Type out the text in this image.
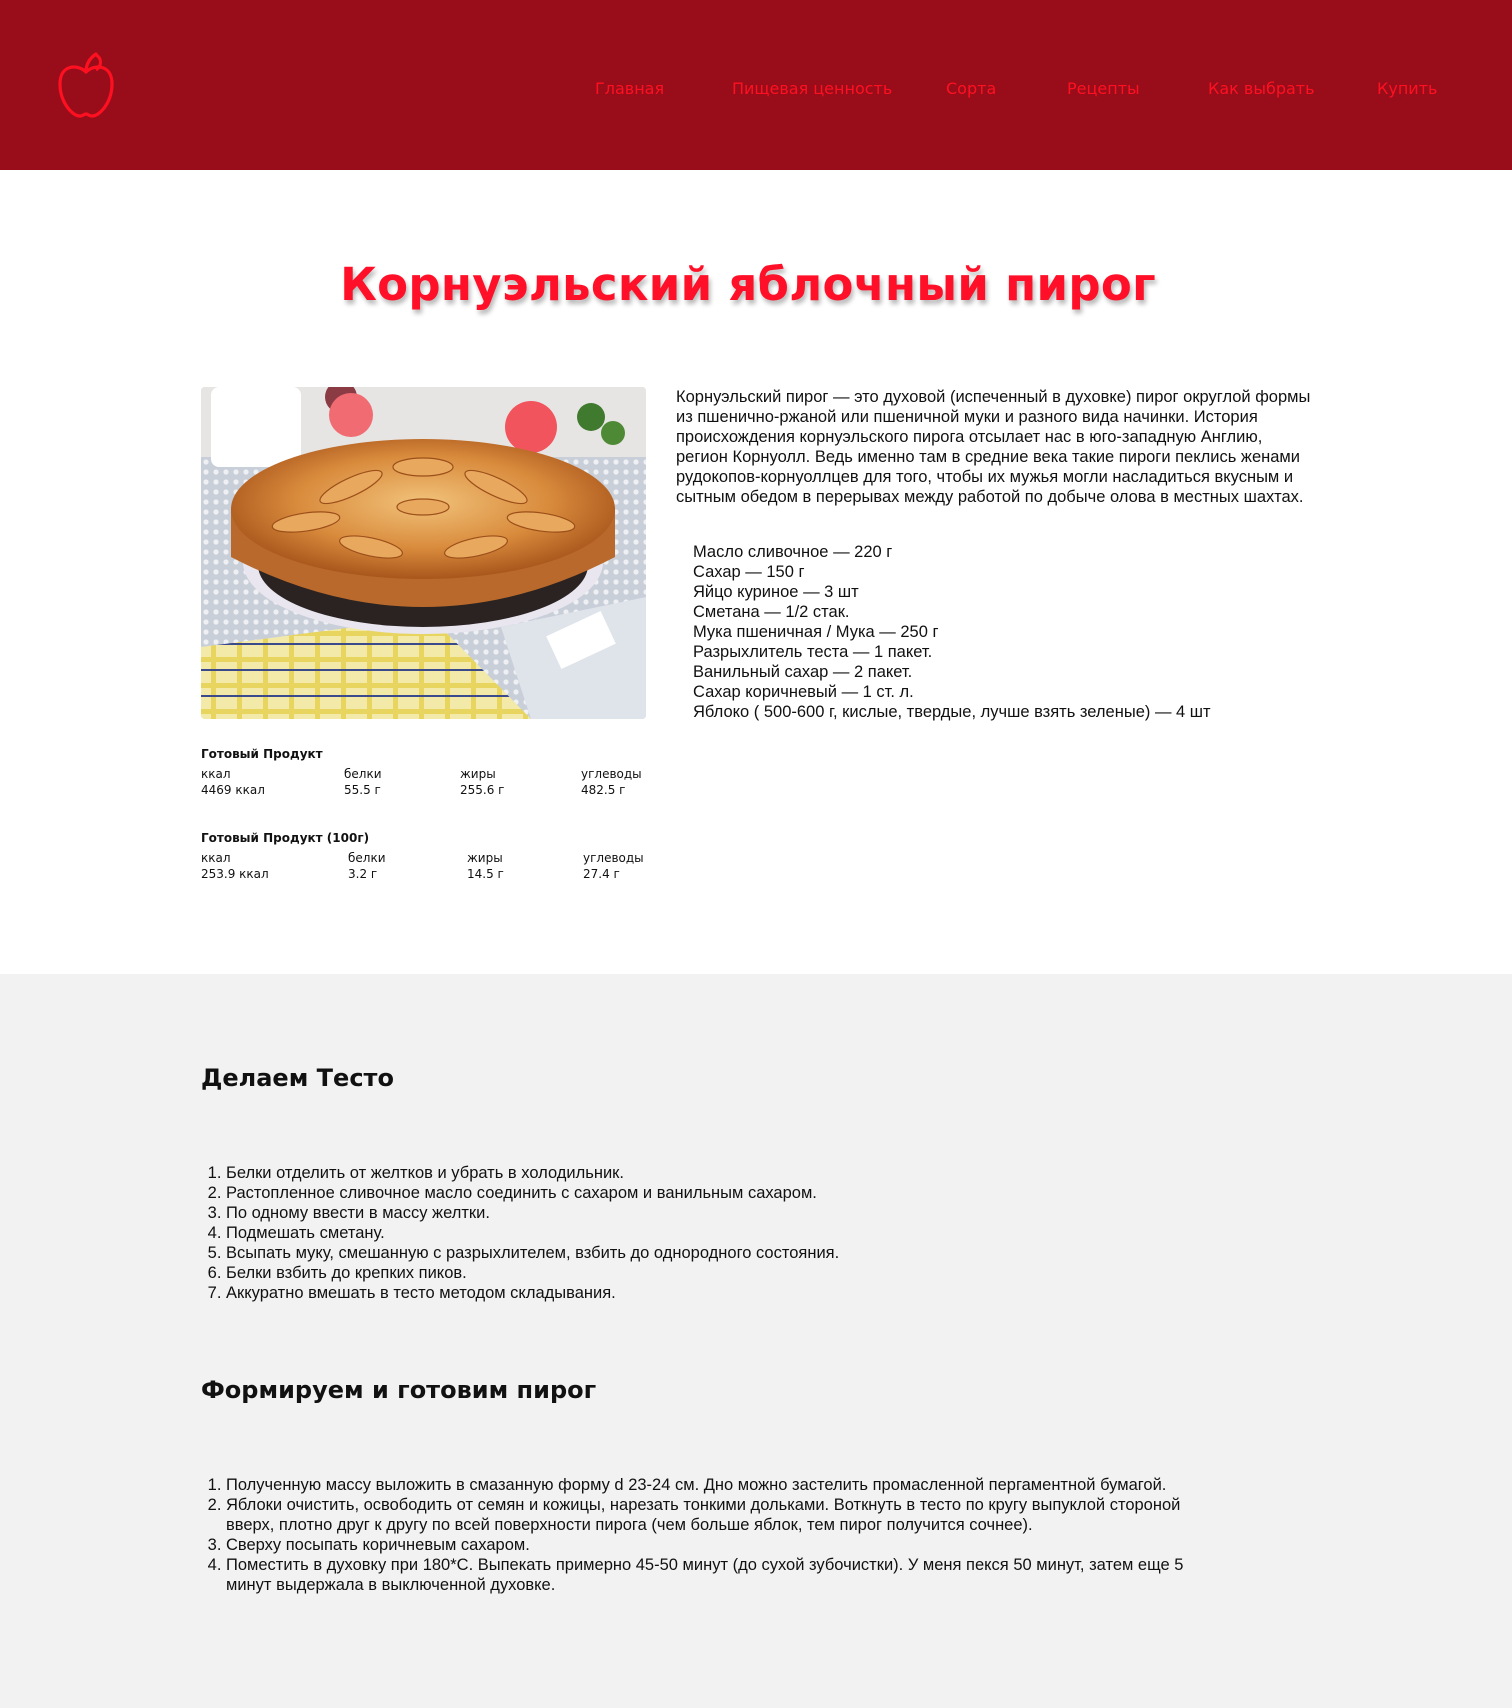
Главная	Пищевая ценность	Сорта	Рецепты	Как выбрать	Купить
Корнуэльский яблочный пирог
Готовый Продукт
ккал	белки	жиры	углеводы
4469 ккал	55.5 г	255.6 г	482.5 г
Готовый Продукт (100г)
ккал	белки	жиры	углеводы
253.9 ккал	3.2 г	14.5 г	27.4 г

Корнуэльский пирог — это духовой (испеченный в духовке) пирог округлой формы из пшенично-ржаной или пшеничной муки и разного вида начинки. История происхождения корнуэльского пирога отсылает нас в юго-западную Англию, регион Корнуолл. Ведь именно там в средние века такие пироги пеклись женами рудокопов-корнуоллцев для того, чтобы их мужья могли насладиться вкусным и сытным обедом в перерывах между работой по добыче олова в местных шахтах.

Масло сливочное — 220 г
Сахар — 150 г
Яйцо куриное — 3 шт
Сметана — 1/2 стак.
Мука пшеничная / Мука — 250 г
Разрыхлитель теста — 1 пакет.
Ванильный сахар — 2 пакет.
Сахар коричневый — 1 ст. л.
Яблоко ( 500-600 г, кислые, твердые, лучше взять зеленые) — 4 шт
Делаем Тесто
1. Белки отделить от желтков и убрать в холодильник.
2. Растопленное сливочное масло соединить с сахаром и ванильным сахаром.
3. По одному ввести в массу желтки.
4. Подмешать сметану.
5. Всыпать муку, смешанную с разрыхлителем, взбить до однородного состояния.
6. Белки взбить до крепких пиков.
7. Аккуратно вмешать в тесто методом складывания.
Формируем и готовим пирог
1. Полученную массу выложить в смазанную форму d 23-24 см. Дно можно застелить промасленной пергаментной бумагой.
2. Яблоки очистить, освободить от семян и кожицы, нарезать тонкими дольками. Воткнуть в тесто по кругу выпуклой стороной вверх, плотно друг к другу по всей поверхности пирога (чем больше яблок, тем пирог получится сочнее).
3. Сверху посыпать коричневым сахаром.
4. Поместить в духовку при 180*С. Выпекать примерно 45-50 минут (до сухой зубочистки). У меня пекся 50 минут, затем еще 5 минут выдержала в выключенной духовке.
